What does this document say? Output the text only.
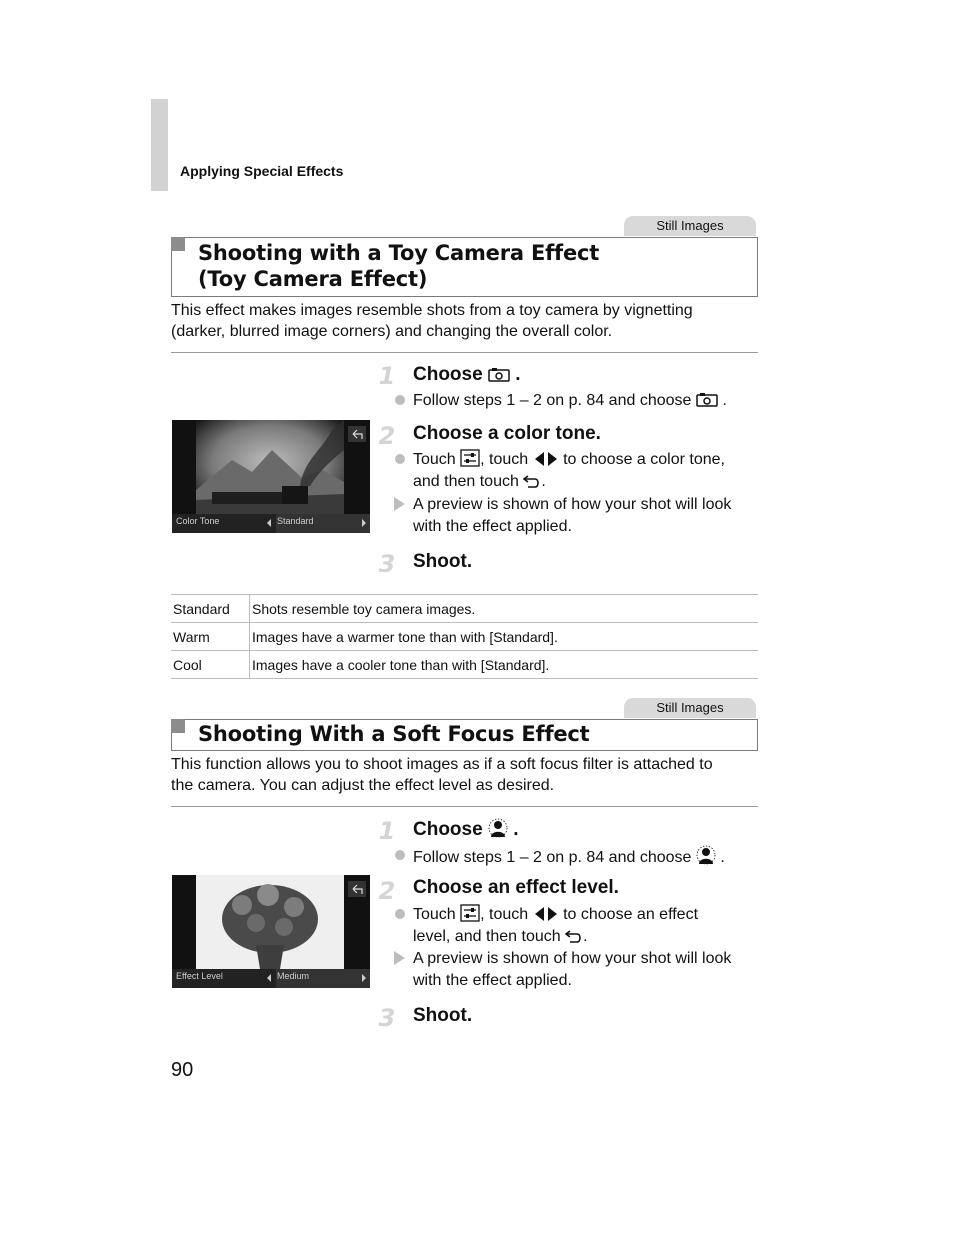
Applying Special Effects
Still Images
Shooting with a Toy Camera Effect
(Toy Camera Effect)
This effect makes images resemble shots from a toy camera by vignetting
(darker, blurred image corners) and changing the overall color.
1 Choose .
Follow steps 1 – 2 on p. 84 and choose .
Color Tone	Standard
2 Choose a color tone.
Touch , touch to choose a color tone,
and then touch .
A preview is shown of how your shot will look
with the effect applied.
3 Shoot.
Standard	Shots resemble toy camera images.
Warm	Images have a warmer tone than with [Standard].
Cool	Images have a cooler tone than with [Standard].
Still Images
Shooting With a Soft Focus Effect
This function allows you to shoot images as if a soft focus filter is attached to
the camera. You can adjust the effect level as desired.
1 Choose .
Follow steps 1 – 2 on p. 84 and choose .
Effect Level	Medium
2 Choose an effect level.
Touch , touch to choose an effect
level, and then touch .
A preview is shown of how your shot will look
with the effect applied.
3 Shoot.
90
